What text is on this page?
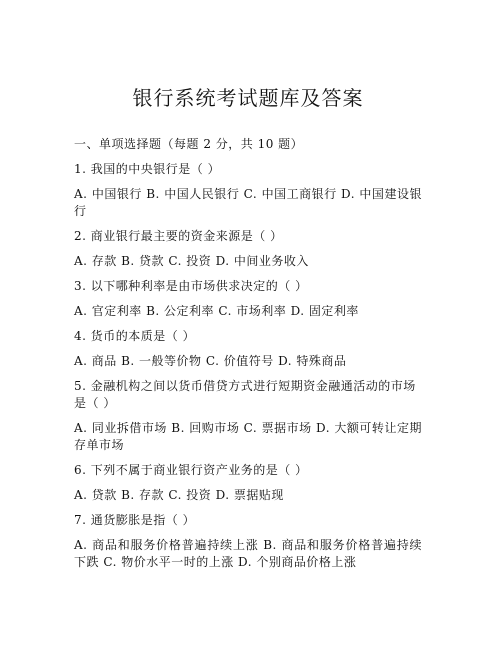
银行系统考试题库及答案
一、单项选择题（每题 2 分，共 10 题）

1. 我国的中央银行是（ ）

A. 中国银行 B. 中国人民银行 C. 中国工商银行 D. 中国建设银行

2. 商业银行最主要的资金来源是（ ）

A. 存款 B. 贷款 C. 投资 D. 中间业务收入

3. 以下哪种利率是由市场供求决定的（ ）

A. 官定利率 B. 公定利率 C. 市场利率 D. 固定利率

4. 货币的本质是（ ）

A. 商品 B. 一般等价物 C. 价值符号 D. 特殊商品

5. 金融机构之间以货币借贷方式进行短期资金融通活动的市场是（ ）

A. 同业拆借市场 B. 回购市场 C. 票据市场 D. 大额可转让定期存单市场

6. 下列不属于商业银行资产业务的是（ ）

A. 贷款 B. 存款 C. 投资 D. 票据贴现

7. 通货膨胀是指（ ）

A. 商品和服务价格普遍持续上涨 B. 商品和服务价格普遍持续下跌 C. 物价水平一时的上涨 D. 个别商品价格上涨
